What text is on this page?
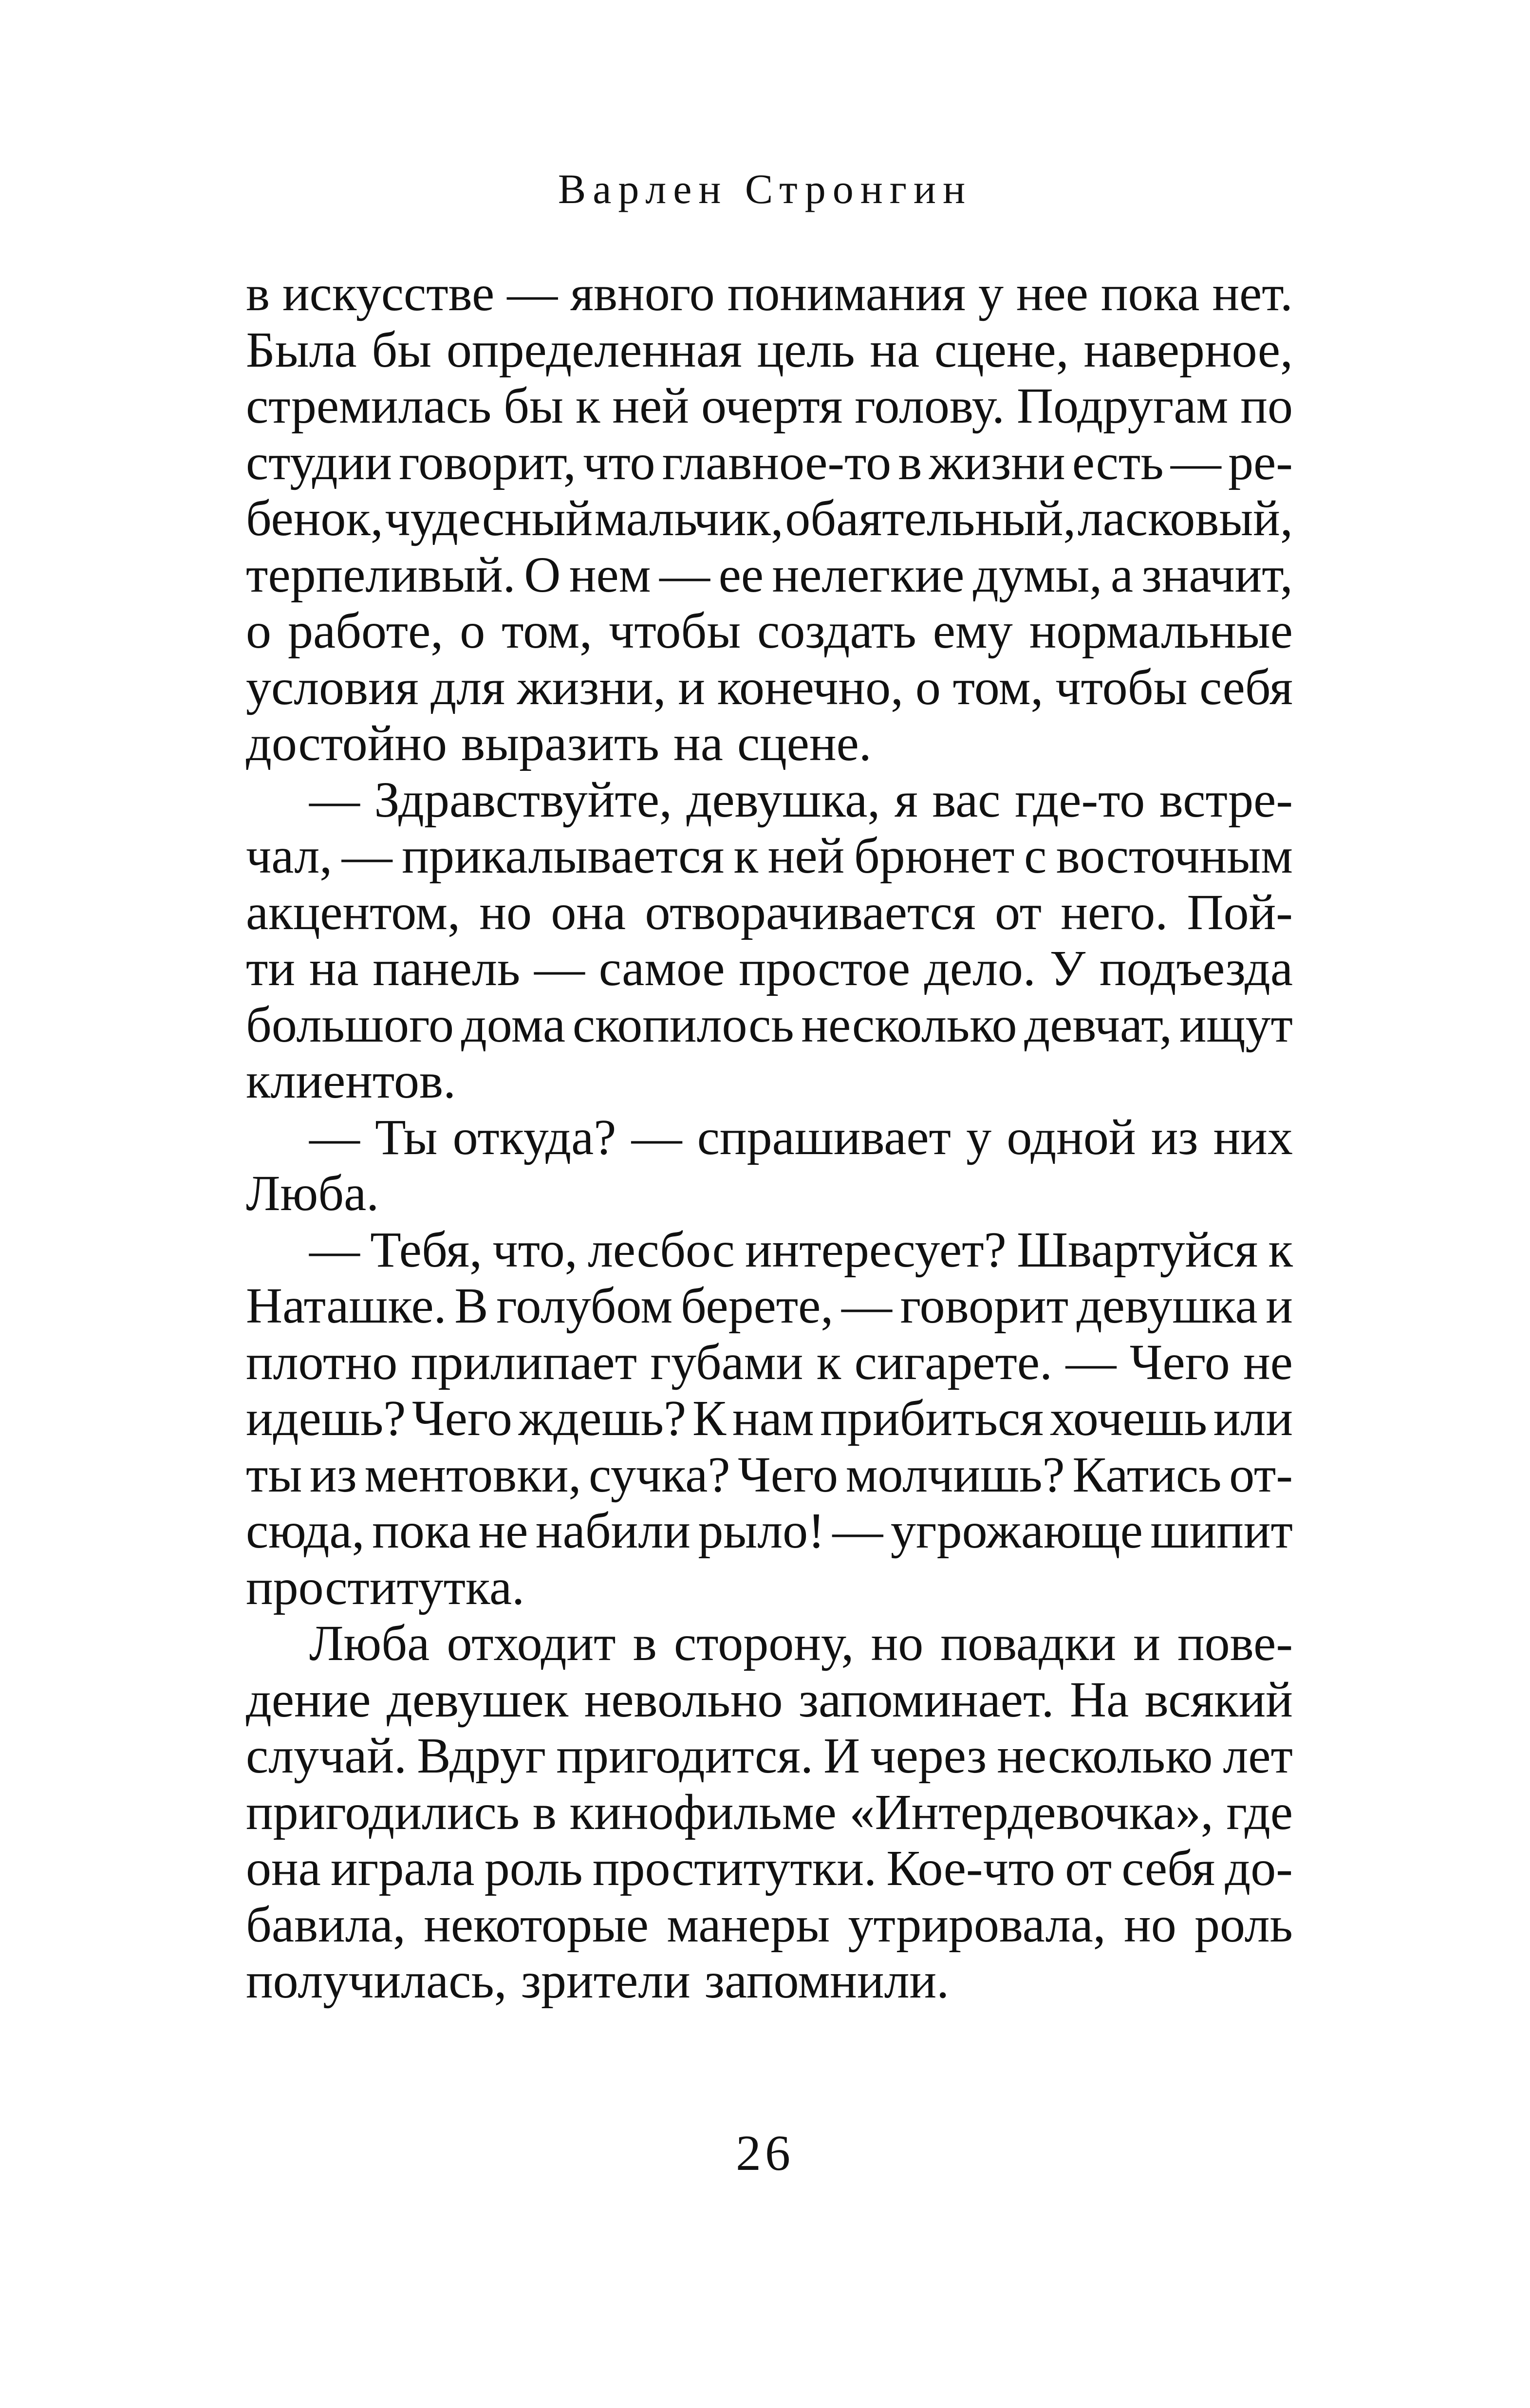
Варлен Стронгин
в искусстве — явного понимания у нее пока нет.
Была бы определенная цель на сцене, наверное,
стремилась бы к ней очертя голову. Подругам по
студии говорит, что главное-то в жизни есть — ре-
бенок, чудесный мальчик, обаятельный, ласковый,
терпеливый. О нем — ее нелегкие думы, а значит,
о работе, о том, чтобы создать ему нормальные
условия для жизни, и конечно, о том, чтобы себя
достойно выразить на сцене.
— Здравствуйте, девушка, я вас где-то встре-
чал, — прикалывается к ней брюнет с восточным
акцентом, но она отворачивается от него. Пой-
ти на панель — самое простое дело. У подъезда
большого дома скопилось несколько девчат, ищут
клиентов.
— Ты откуда? — спрашивает у одной из них
Люба.
— Тебя, что, лесбос интересует? Швартуйся к
Наташке. В голубом берете, — говорит девушка и
плотно прилипает губами к сигарете. — Чего не
идешь? Чего ждешь? К нам прибиться хочешь или
ты из ментовки, сучка? Чего молчишь? Катись от-
сюда, пока не набили рыло! — угрожающе шипит
проститутка.
Люба отходит в сторону, но повадки и пове-
дение девушек невольно запоминает. На всякий
случай. Вдруг пригодится. И через несколько лет
пригодились в кинофильме «Интердевочка», где
она играла роль проститутки. Кое-что от себя до-
бавила, некоторые манеры утрировала, но роль
получилась, зрители запомнили.
26
